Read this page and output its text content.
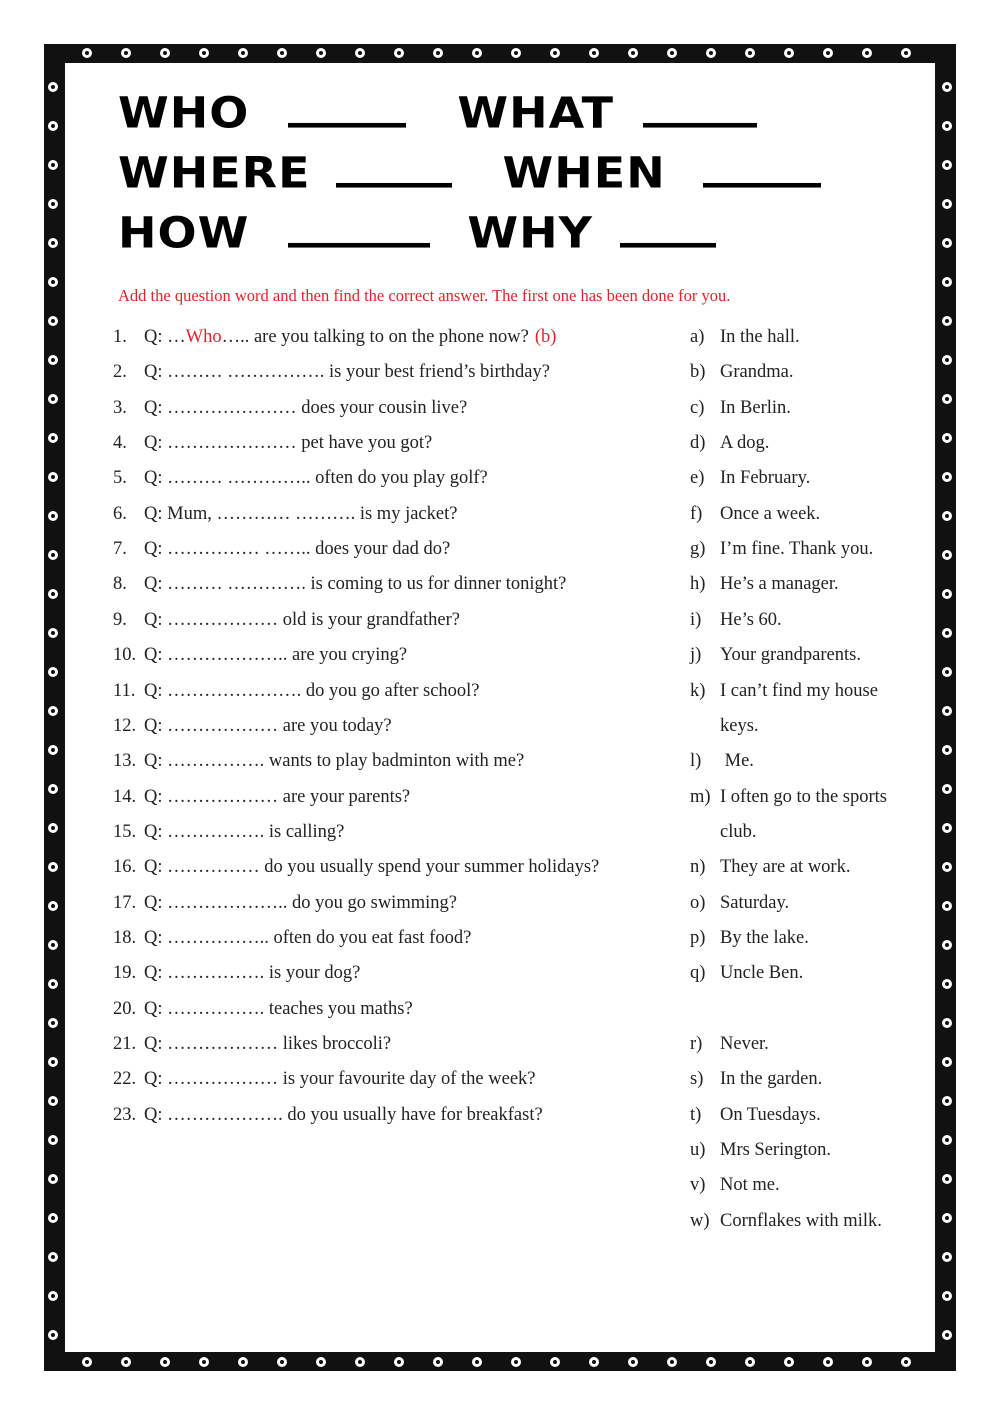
WHO	WHAT
WHERE	WHEN
HOW	WHY
Add the question word and then find the correct answer. The first one has been done for you.
1. Q: …Who….. are you talking to on the phone now? (b)
2. Q: ……… ……………. is your best friend’s birthday?
3. Q: ………………… does your cousin live?
4. Q: ………………… pet have you got?
5. Q: ……… ………….. often do you play golf?
6. Q: Mum, ………… ………. is my jacket?
7. Q: …………… …….. does your dad do?
8. Q: ……… …………. is coming to us for dinner tonight?
9. Q: ……………… old is your grandfather?
10. Q: ……………….. are you crying?
11. Q: …………………. do you go after school?
12. Q: ……………… are you today?
13. Q: ……………. wants to play badminton with me?
14. Q: ……………… are your parents?
15. Q: ……………. is calling?
16. Q: …………… do you usually spend your summer holidays?
17. Q: ……………….. do you go swimming?
18. Q: …………….. often do you eat fast food?
19. Q: ……………. is your dog?
20. Q: ……………. teaches you maths?
21. Q: ……………… likes broccoli?
22. Q: ……………… is your favourite day of the week?
23. Q: ………………. do you usually have for breakfast?
a) In the hall.
b) Grandma.
c) In Berlin.
d) A dog.
e) In February.
f) Once a week.
g) I’m fine. Thank you.
h) He’s a manager.
i) He’s 60.
j) Your grandparents.
k) I can’t find my house
keys.
l) Me.
m) I often go to the sports
club.
n) They are at work.
o) Saturday.
p) By the lake.
q) Uncle Ben.
r) Never.
s) In the garden.
t) On Tuesdays.
u) Mrs Serington.
v) Not me.
w) Cornflakes with milk.
